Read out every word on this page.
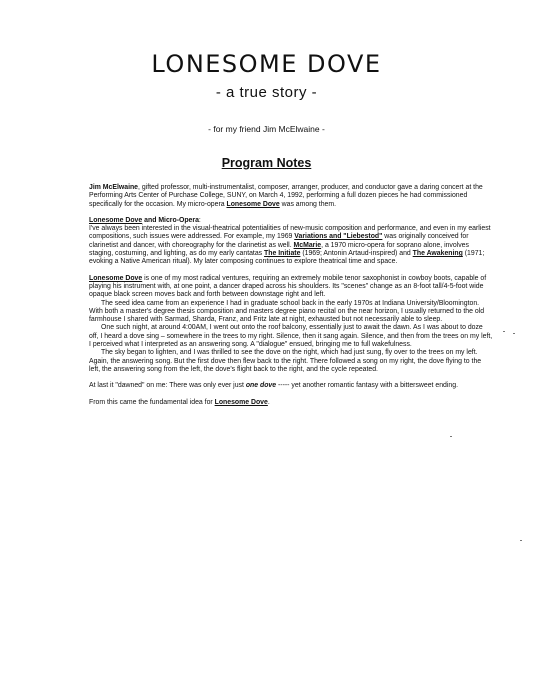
LONESOME DOVE

- a true story -

- for my friend Jim McElwaine -

Program Notes

Jim McElwaine, gifted professor, multi-instrumentalist, composer, arranger, producer, and conductor gave a daring concert at the Performing Arts Center of Purchase College, SUNY, on March 4, 1992, performing a full dozen pieces he had commissioned specifically for the occasion. My micro-opera Lonesome Dove was among them.

Lonesome Dove and Micro-Opera:

I've always been interested in the visual-theatrical potentialities of new-music composition and performance, and even in my earliest compositions, such issues were addressed. For example, my 1969 Variations and "Liebestod" was originally conceived for clarinetist and dancer, with choreography for the clarinetist as well. McMarie, a 1970 micro-opera for soprano alone, involves staging, costuming, and lighting, as do my early cantatas The Initiate (1969; Antonin Artaud-inspired) and The Awakening (1971; evoking a Native American ritual). My later composing continues to explore theatrical time and space.

Lonesome Dove is one of my most radical ventures, requiring an extremely mobile tenor saxophonist in cowboy boots, capable of playing his instrument with, at one point, a dancer draped across his shoulders. Its "scenes" change as an 8-foot tall/4-5-foot wide opaque black screen moves back and forth between downstage right and left.

The seed idea came from an experience I had in graduate school back in the early 1970s at Indiana University/Bloomington. With both a master's degree thesis composition and masters degree piano recital on the near horizon, I usually returned to the old farmhouse I shared with Sarmad, Sharda, Franz, and Fritz late at night, exhausted but not necessarily able to sleep.

One such night, at around 4:00AM, I went out onto the roof balcony, essentially just to await the dawn. As I was about to doze off, I heard a dove sing – somewhere in the trees to my right. Silence, then it sang again. Silence, and then from the trees on my left, I perceived what I interpreted as an answering song. A "dialogue" ensued, bringing me to full wakefulness.

The sky began to lighten, and I was thrilled to see the dove on the right, which had just sung, fly over to the trees on my left. Again, the answering song. But the first dove then flew back to the right. There followed a song on my right, the dove flying to the left, the answering song from the left, the dove's flight back to the right, and the cycle repeated.

At last it "dawned" on me: There was only ever just one dove ----- yet another romantic fantasy with a bittersweet ending.

From this came the fundamental idea for Lonesome Dove.
